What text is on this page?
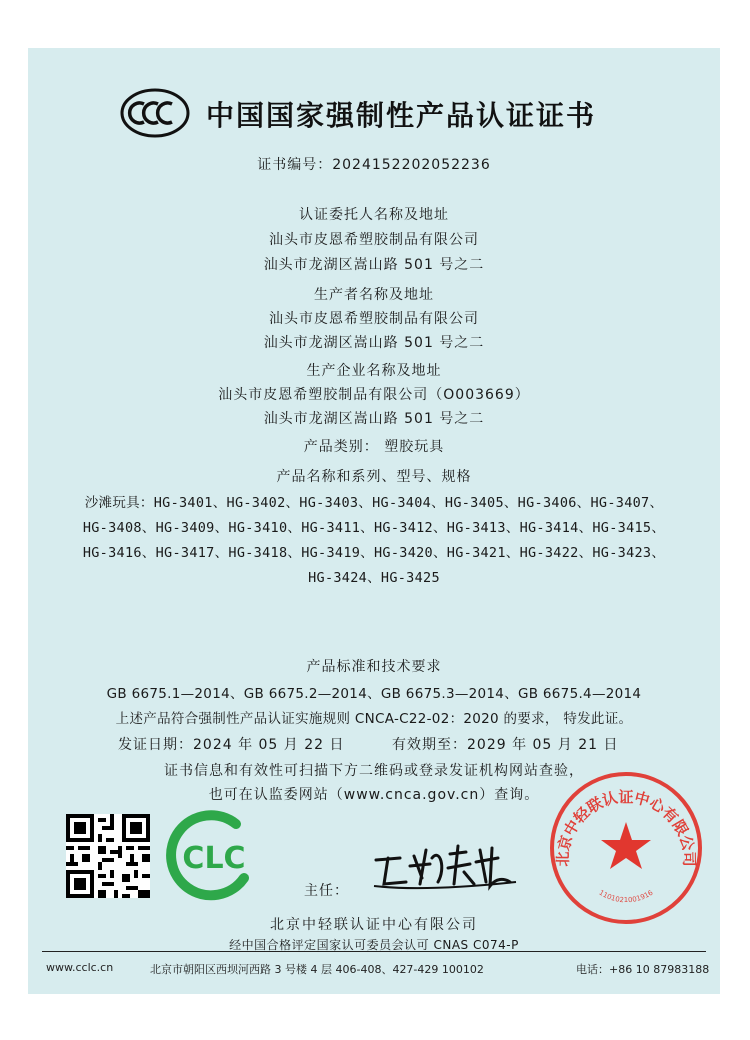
中国国家强制性产品认证证书
证书编号：2024152202052236
认证委托人名称及地址
汕头市皮恩希塑胶制品有限公司
汕头市龙湖区嵩山路 501 号之二
生产者名称及地址
汕头市皮恩希塑胶制品有限公司
汕头市龙湖区嵩山路 501 号之二
生产企业名称及地址
汕头市皮恩希塑胶制品有限公司（O003669）
汕头市龙湖区嵩山路 501 号之二
产品类别： 塑胶玩具
产品名称和系列、型号、规格
沙滩玩具：HG-3401、HG-3402、HG-3403、HG-3404、HG-3405、HG-3406、HG-3407、
HG-3408、HG-3409、HG-3410、HG-3411、HG-3412、HG-3413、HG-3414、HG-3415、
HG-3416、HG-3417、HG-3418、HG-3419、HG-3420、HG-3421、HG-3422、HG-3423、
HG-3424、HG-3425
产品标准和技术要求
GB 6675.1—2014、GB 6675.2—2014、GB 6675.3—2014、GB 6675.4—2014
上述产品符合强制性产品认证实施规则 CNCA-C22-02：2020 的要求， 特发此证。
发证日期：2024 年 05 月 22 日	有效期至：2029 年 05 月 21 日
证书信息和有效性可扫描下方二维码或登录发证机构网站查验，
也可在认监委网站（www.cnca.gov.cn）查询。
CLC
主任：
北京中轻联认证中心有限公司
经中国合格评定国家认可委员会认可 CNAS C074-P
北京中轻联认证中心有限公司
1101021001916
www.cclc.cn	北京市朝阳区西坝河西路 3 号楼 4 层 406-408、427-429 100102	电话：+86 10 87983188
